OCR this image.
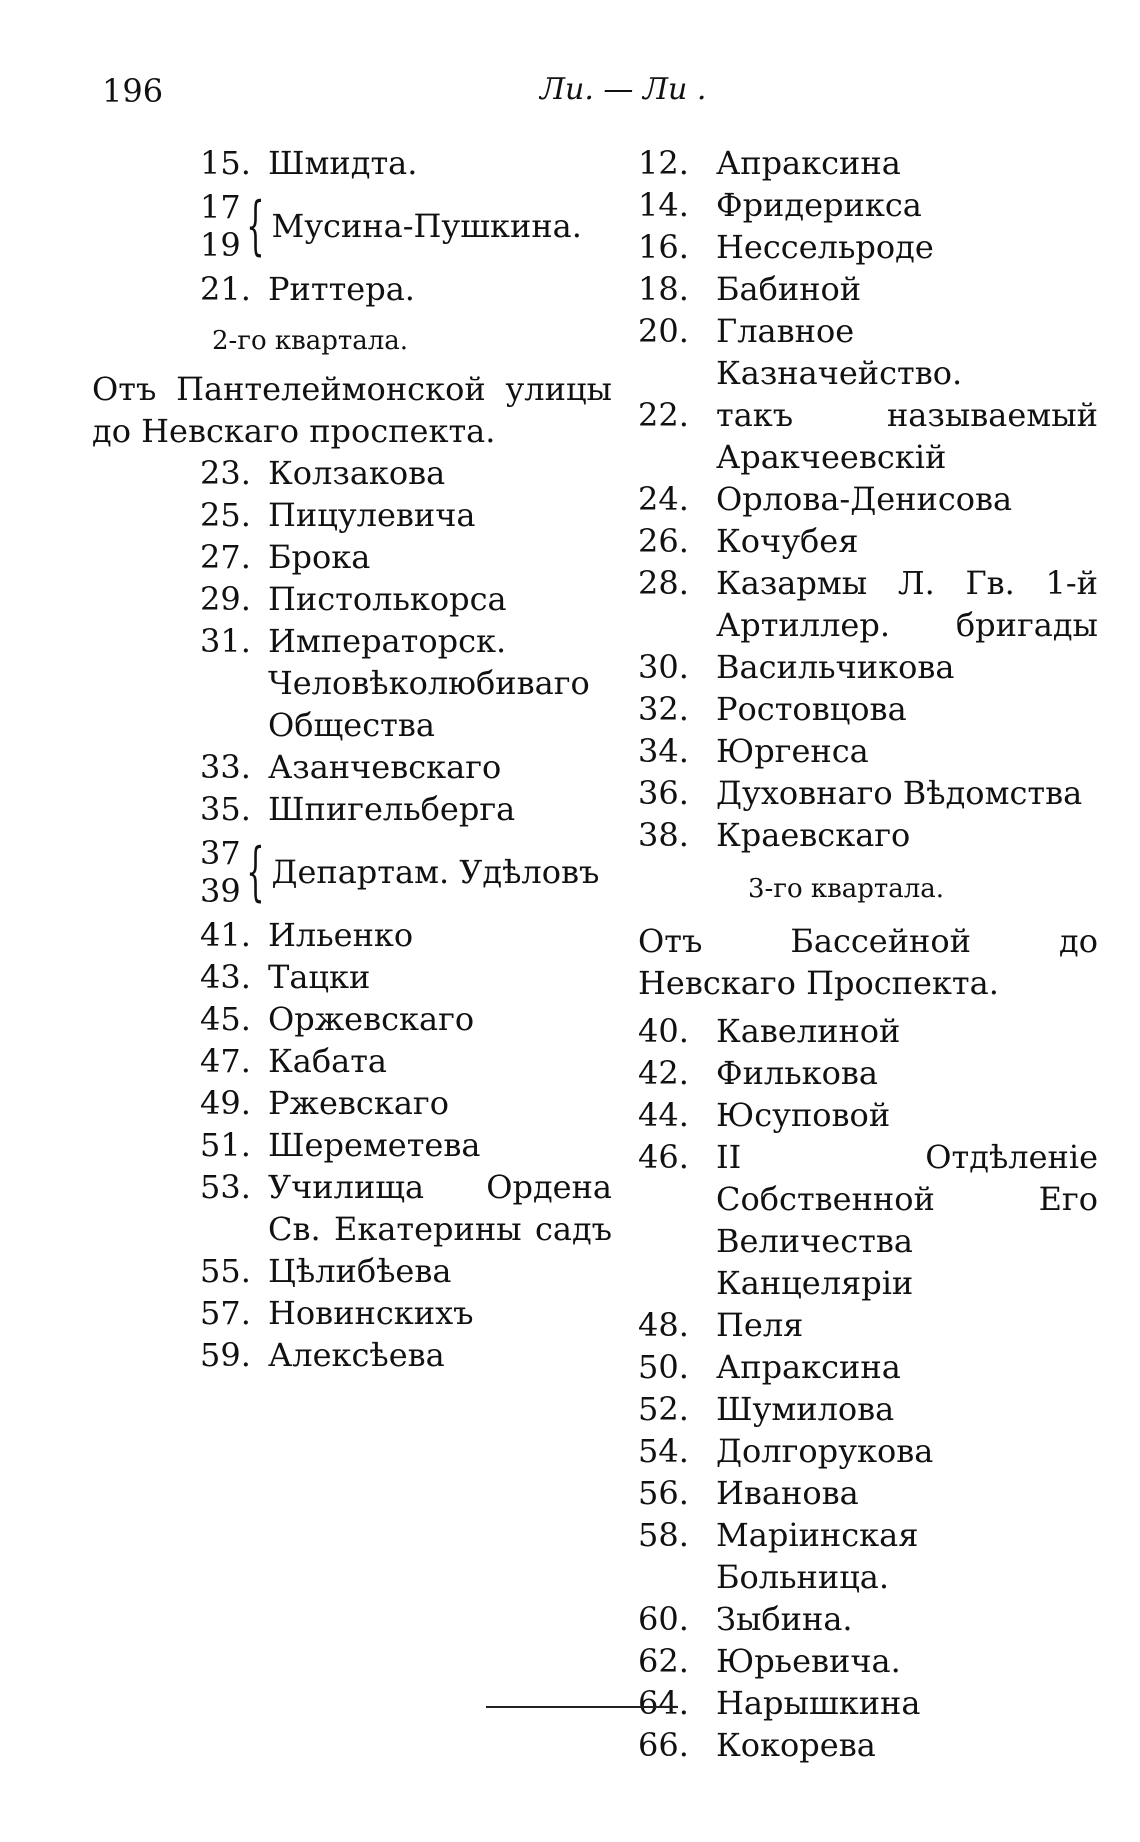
196	Ли. — Ли .
15. Шмидта.
17
19 { Мусина-Пушкина.
21. Риттера.
2-го квартала.
Отъ Пантелеймонской улицы до Невскаго проспекта.
23. Колзакова
25. Пицулевича
27. Брока
29. Пистолькорса
31. Императорск. Человѣколюбиваго Общества
33. Азанчевскаго
35. Шпигельберга
37
39 { Департам. Удѣловъ
41. Ильенко
43. Тацки
45. Оржевскаго
47. Кабата
49. Ржевскаго
51. Шереметева
53. Училища Ордена Св. Екатерины садъ
55. Цѣлибѣева
57. Новинскихъ
59. Алексѣева
12. Апраксина
14. Фридерикса
16. Нессельроде
18. Бабиной
20. Главное Казначейство.
22. такъ называемый Аракчеевскій
24. Орлова-Денисова
26. Кочубея
28. Казармы Л. Гв. 1-й Артиллер. бригады
30. Васильчикова
32. Ростовцова
34. Юргенса
36. Духовнаго Вѣдомства
38. Краевскаго
3-го квартала.
Отъ Бассейной до Невскаго Проспекта.
40. Кавелиной
42. Филькова
44. Юсуповой
46. II Отдѣленіе Собственной Его Величества Канцеляріи
48. Пеля
50. Апраксина
52. Шумилова
54. Долгорукова
56. Иванова
58. Маріинская Больница.
60. Зыбина.
62. Юрьевича.
64. Нарышкина
66. Кокорева
